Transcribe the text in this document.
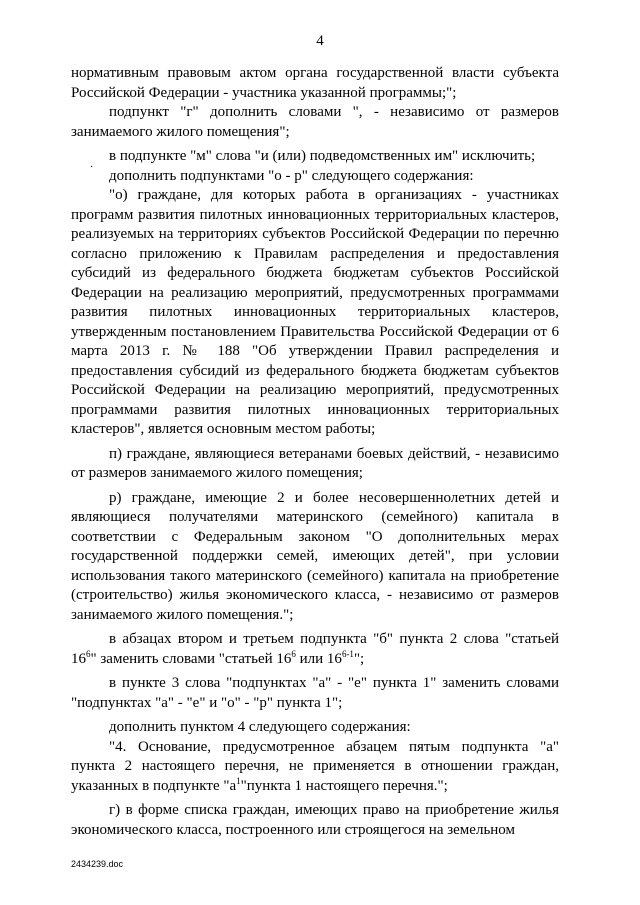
4
·

нормативным правовым актом органа государственной власти субъекта Российской Федерации - участника указанной программы;";

подпункт "г" дополнить словами ", - независимо от размеров занимаемого жилого помещения";

в подпункте "м" слова "и (или) подведомственных им" исключить;

дополнить подпунктами "о - р" следующего содержания:

"о) граждане, для которых работа в организациях - участниках программ развития пилотных инновационных территориальных кластеров, реализуемых на территориях субъектов Российской Федерации по перечню согласно приложению к Правилам распределения и предоставления субсидий из федерального бюджета бюджетам субъектов Российской Федерации на реализацию мероприятий, предусмотренных программами развития пилотных инновационных территориальных кластеров, утвержденным постановлением Правительства Российской Федерации от 6 марта 2013 г. № 188 "Об утверждении Правил распределения и предоставления субсидий из федерального бюджета бюджетам субъектов Российской Федерации на реализацию мероприятий, предусмотренных программами развития пилотных инновационных территориальных кластеров", является основным местом работы;

п) граждане, являющиеся ветеранами боевых действий, - независимо от размеров занимаемого жилого помещения;

р) граждане, имеющие 2 и более несовершеннолетних детей и являющиеся получателями материнского (семейного) капитала в соответствии с Федеральным законом "О дополнительных мерах государственной поддержки семей, имеющих детей", при условии использования такого материнского (семейного) капитала на приобретение (строительство) жилья экономического класса, - независимо от размеров занимаемого жилого помещения.";

в абзацах втором и третьем подпункта "б" пункта 2 слова "статьей $16^6$" заменить словами "статьей $16^6$ или 16$^{6-1}$";

в пункте 3 слова "подпунктах "а" - "е" пункта 1" заменить словами "подпунктах "а" - "е" и "о" - "р" пункта 1";

дополнить пунктом 4 следующего содержания:

"4. Основание, предусмотренное абзацем пятым подпункта "а" пункта 2 настоящего перечня, не применяется в отношении граждан, указанных в подпункте "$а^1"пункта$ 1 настоящего перечня.";

г) в форме списка граждан, имеющих право на приобретение жилья экономического класса, построенного или строящегося на земельном

2434239.doc
